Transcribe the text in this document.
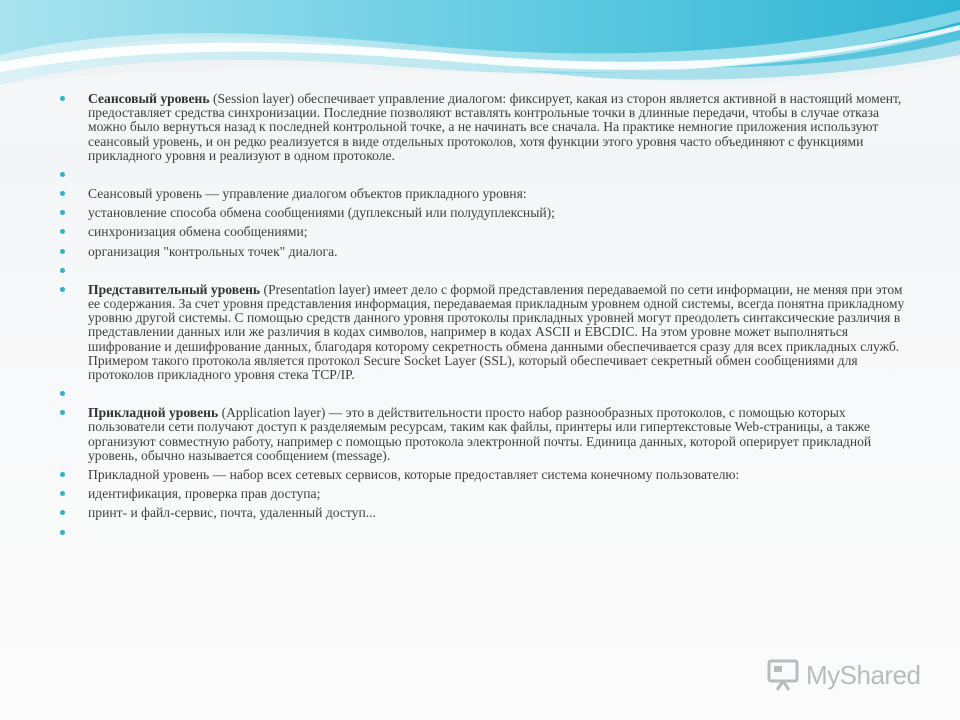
Сеансовый уровень (Session layer) обеспечивает управление диалогом: фиксирует, какая из сторон является активной в настоящий момент, предоставляет средства синхронизации. Последние позволяют вставлять контрольные точки в длинные передачи, чтобы в случае отказа можно было вернуться назад к последней контрольной точке, а не начинать все сначала. На практике немногие приложения используют сеансовый уровень, и он редко реализуется в виде отдельных протоколов, хотя функции этого уровня часто объединяют с функциями прикладного уровня и реализуют в одном протоколе.
Сеансовый уровень — управление диалогом объектов прикладного уровня:
установление способа обмена сообщениями (дуплексный или полудуплексный);
синхронизация обмена сообщениями;
организация "контрольных точек" диалога.
Представительный уровень (Presentation layer) имеет дело с формой представления передаваемой по сети информации, не меняя при этом ее содержания. За счет уровня представления информация, передаваемая прикладным уровнем одной системы, всегда понятна прикладному уровню другой системы. С помощью средств данного уровня протоколы прикладных уровней могут преодолеть синтаксические различия в представлении данных или же различия в кодах символов, например в кодах ASCII и EBCDIC. На этом уровне может выполняться шифрование и дешифрование данных, благодаря которому секретность обмена данными обеспечивается сразу для всех прикладных служб. Примером такого протокола является протокол Secure Socket Layer (SSL), который обеспечивает секретный обмен сообщениями для протоколов прикладного уровня стека TCP/IP.
Прикладной уровень (Application layer) — это в действительности просто набор разнообразных протоколов, с помощью которых пользователи сети получают доступ к разделяемым ресурсам, таким как файлы, принтеры или гипертекстовые Web-страницы, а также организуют совместную работу, например с помощью протокола электронной почты. Единица данных, которой оперирует прикладной уровень, обычно называется сообщением (message).
Прикладной уровень — набор всех сетевых сервисов, которые предоставляет система конечному пользователю:
идентификация, проверка прав доступа;
принт- и файл-сервис, почта, удаленный доступ...
MyShared
